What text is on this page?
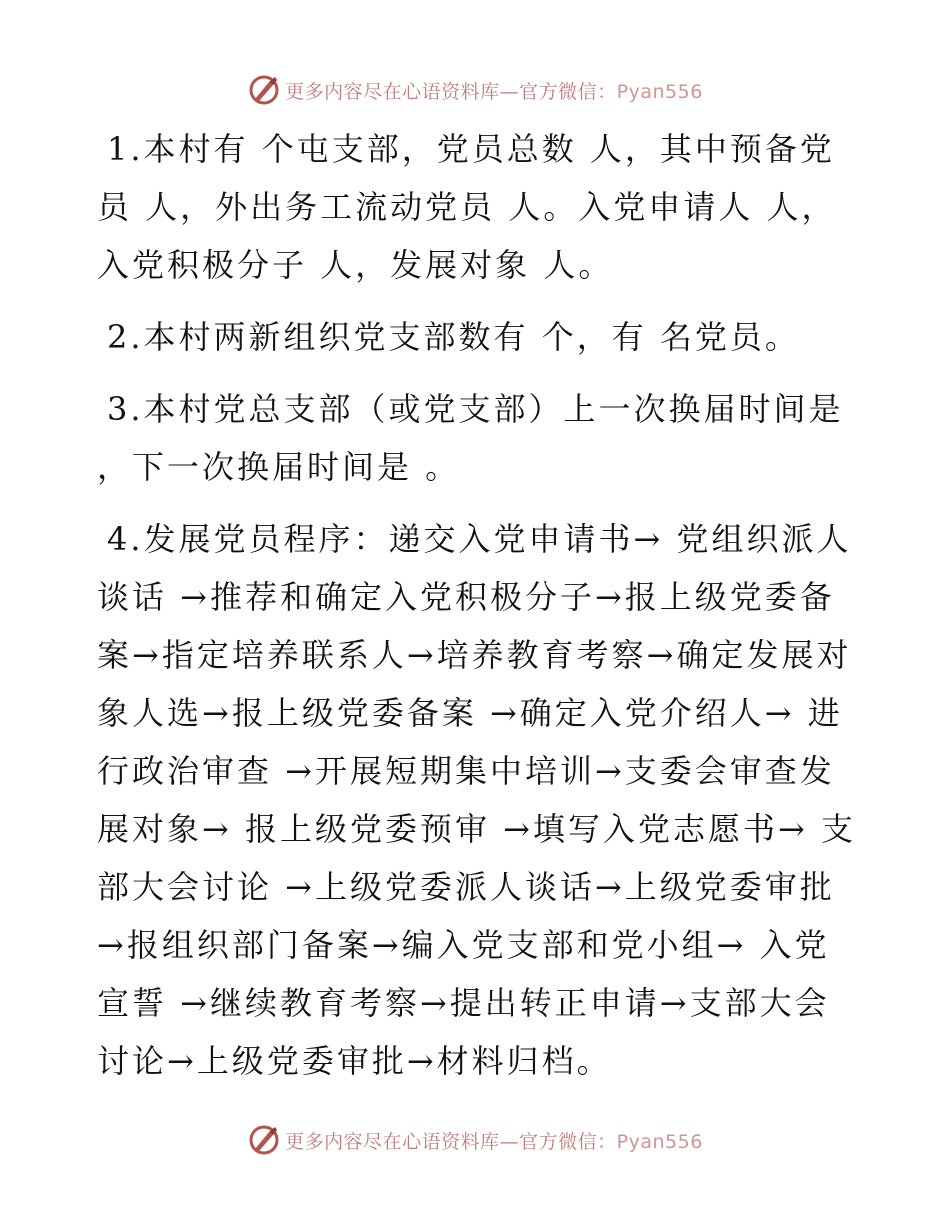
更多内容尽在心语资料库—官方微信：Pyan556

1.本村有 个屯支部，党员总数 人，其中预备党员 人，外出务工流动党员 人。入党申请人 人，入党积极分子 人，发展对象 人。

2.本村两新组织党支部数有 个，有 名党员。

3.本村党总支部（或党支部）上一次换届时间是 ，下一次换届时间是 。

4.发展党员程序：递交入党申请书→ 党组织派人谈话 →推荐和确定入党积极分子→报上级党委备案→指定培养联系人→培养教育考察→确定发展对象人选→报上级党委备案 →确定入党介绍人→ 进行政治审查 →开展短期集中培训→支委会审查发展对象→ 报上级党委预审 →填写入党志愿书→ 支部大会讨论 →上级党委派人谈话→上级党委审批→报组织部门备案→编入党支部和党小组→ 入党宣誓 →继续教育考察→提出转正申请→支部大会讨论→上级党委审批→材料归档。

更多内容尽在心语资料库—官方微信：Pyan556
